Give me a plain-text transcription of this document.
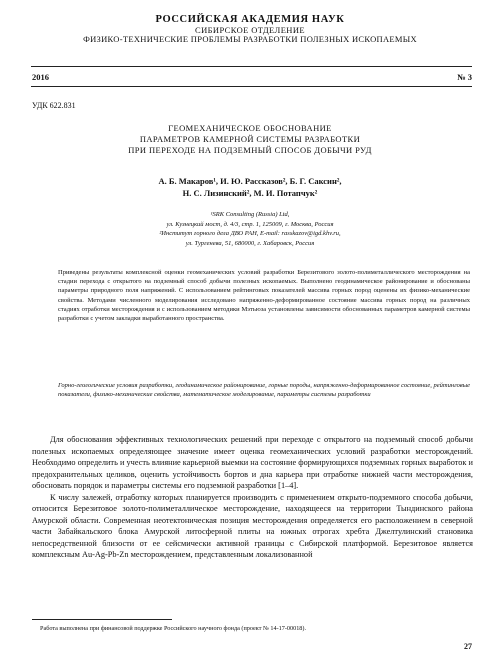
РОССИЙСКАЯ АКАДЕМИЯ НАУК
СИБИРСКОЕ ОТДЕЛЕНИЕ
ФИЗИКО-ТЕХНИЧЕСКИЕ ПРОБЛЕМЫ РАЗРАБОТКИ ПОЛЕЗНЫХ ИСКОПАЕМЫХ
2016	№ 3
УДК 622.831
ГЕОМЕХАНИЧЕСКОЕ ОБОСНОВАНИЕ
ПАРАМЕТРОВ КАМЕРНОЙ СИСТЕМЫ РАЗРАБОТКИ
ПРИ ПЕРЕХОДЕ НА ПОДЗЕМНЫЙ СПОСОБ ДОБЫЧИ РУД
А. Б. Макаров¹, И. Ю. Рассказов², Б. Г. Саксин²,
Н. С. Лизинский², М. И. Потапчук²
¹SRK Consulting (Russia) Ltd,
ул. Кузнецкий мост, д. 4/3, стр. 1, 125009, г. Москва, Россия
²Институт горного дела ДВО РАН, E-mail: rasskazov@igd.khv.ru,
ул. Тургенева, 51, 680000, г. Хабаровск, Россия
Приведены результаты комплексной оценки геомеханических условий разработки Березитового золото-полиметаллического месторождения на стадии перехода с открытого на подземный способ добычи полезных ископаемых. Выполнено геодинамическое районирование и обоснованы параметры природного поля напряжений. С использованием рейтинговых показателей массива горных пород оценены их физико-механические свойства. Методами численного моделирования исследовано напряженно-деформированное состояние массива горных пород на различных стадиях отработки месторождения и с использованием методики Мэтьюза установлены зависимости обоснованных параметров камерной системы разработки с учетом закладки выработанного пространства.
Горно-геологические условия разработки, геодинамическое районирование, горные породы, напряженно-деформированное состояние, рейтинговые показатели, физико-механические свойства, математическое моделирование, параметры системы разработки

Для обоснования эффективных технологических решений при переходе с открытого на подземный способ добычи полезных ископаемых определяющее значение имеет оценка геомеханических условий разработки месторождений. Необходимо определить и учесть влияние карьерной выемки на состояние формирующихся подземных горных выработок и предохранительных целиков, оценить устойчивость бортов и дна карьера при отработке нижней части месторождения, обосновать порядок и параметры системы его подземной разработки [1–4].

К числу залежей, отработку которых планируется производить с применением открыто-подземного способа добычи, относится Березитовое золото-полиметаллическое месторождение, находящееся на территории Тындинского района Амурской области. Современная неотектоническая позиция месторождения определяется его расположением в северной части Забайкальского блока Амурской литосферной плиты на южных отрогах хребта Джелтулинский становика непосредственной близости от ее сейсмически активной границы с Сибирской платформой. Березитовое является комплексным Au-Ag-Pb-Zn месторождением, представленным локализованной

Работа выполнена при финансовой поддержке Российского научного фонда (проект № 14-17-00018).
27
